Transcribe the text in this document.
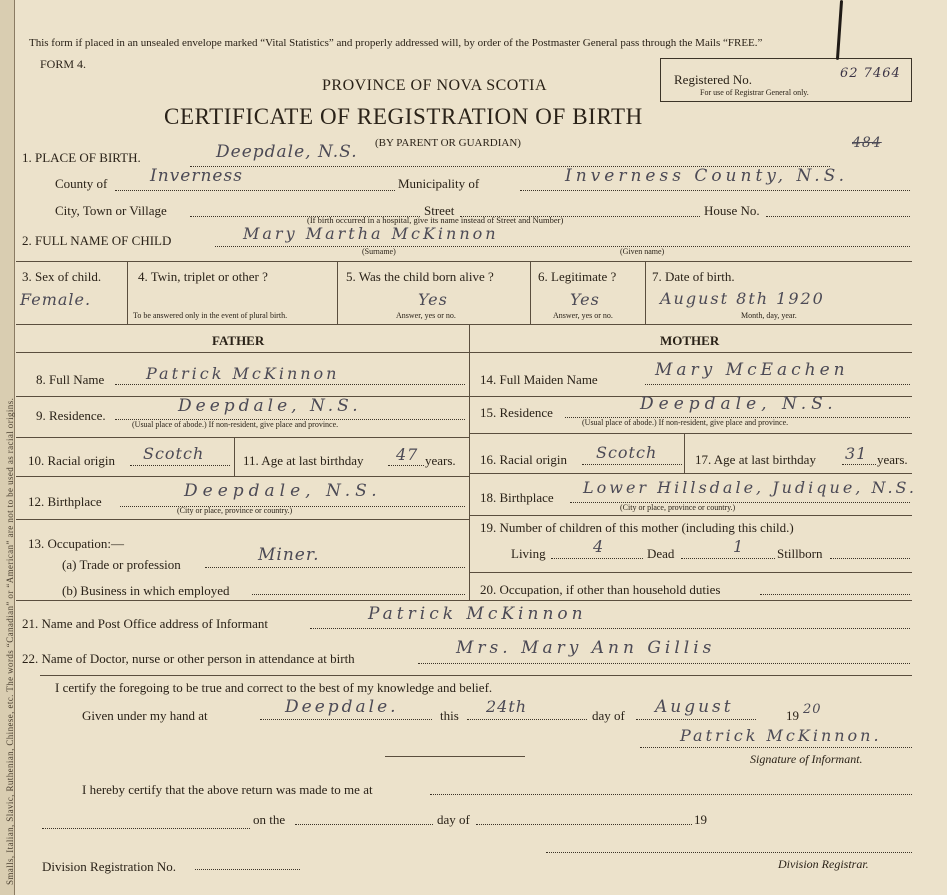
Smalls, Italian, Slavic, Ruthenian, Chinese, etc. The words “Canadian” or “American” are not to be used as racial origins.
This form if placed in an unsealed envelope marked “Vital Statistics” and properly addressed will, by order of the Postmaster General pass through the Mails “FREE.”
FORM 4.
PROVINCE OF NOVA SCOTIA
CERTIFICATE OF REGISTRATION OF BIRTH
(BY PARENT OR GUARDIAN)
Registered No.	62 7464
For use of Registrar General only.
484
1. PLACE OF BIRTH.	Deepdale, N.S.
County of	Inverness	Municipality of	Inverness County, N.S.
City, Town or Village	Street	House No.
(If birth occurred in a hospital, give its name instead of Street and Number)
2. FULL NAME OF CHILD	Mary Martha McKinnon
(Surname)	(Given name)
3. Sex of child.
Female.
4. Twin, triplet or other ?
To be answered only in the event of plural birth.
5. Was the child born alive ?
Yes
Answer, yes or no.
6. Legitimate ?
Yes
Answer, yes or no.
7. Date of birth.
August 8th 1920
Month, day, year.
FATHER	MOTHER
8. Full Name	Patrick McKinnon
9. Residence.	Deepdale, N.S.
(Usual place of abode.) If non-resident, give place and province.
10. Racial origin Scotch	11. Age at last birthday 47 years.
12. Birthplace
Deepdale, N.S.
(City or place, province or country.)
13. Occupation:—
(a) Trade or profession	Miner.
(b) Business in which employed
14. Full Maiden Name	Mary McEachen
15. Residence	Deepdale, N.S.
(Usual place of abode.) If non-resident, give place and province.
16. Racial origin Scotch	17. Age at last birthday 31 years.
18. Birthplace
Lower Hillsdale, Judique, N.S.
(City or place, province or country.)
19. Number of children of this mother (including this child.)
Living	4	Dead	1	Stillborn
20. Occupation, if other than household duties
21. Name and Post Office address of Informant	Patrick McKinnon
22. Name of Doctor, nurse or other person in attendance at birth
Mrs. Mary Ann Gillis
I certify the foregoing to be true and correct to the best of my knowledge and belief.
Given under my hand at	Deepdale.	this 24th	day of August	19 20
Patrick McKinnon.
Signature of Informant.
I hereby certify that the above return was made to me at
on the	day of	19
Division Registration No.	Division Registrar.
